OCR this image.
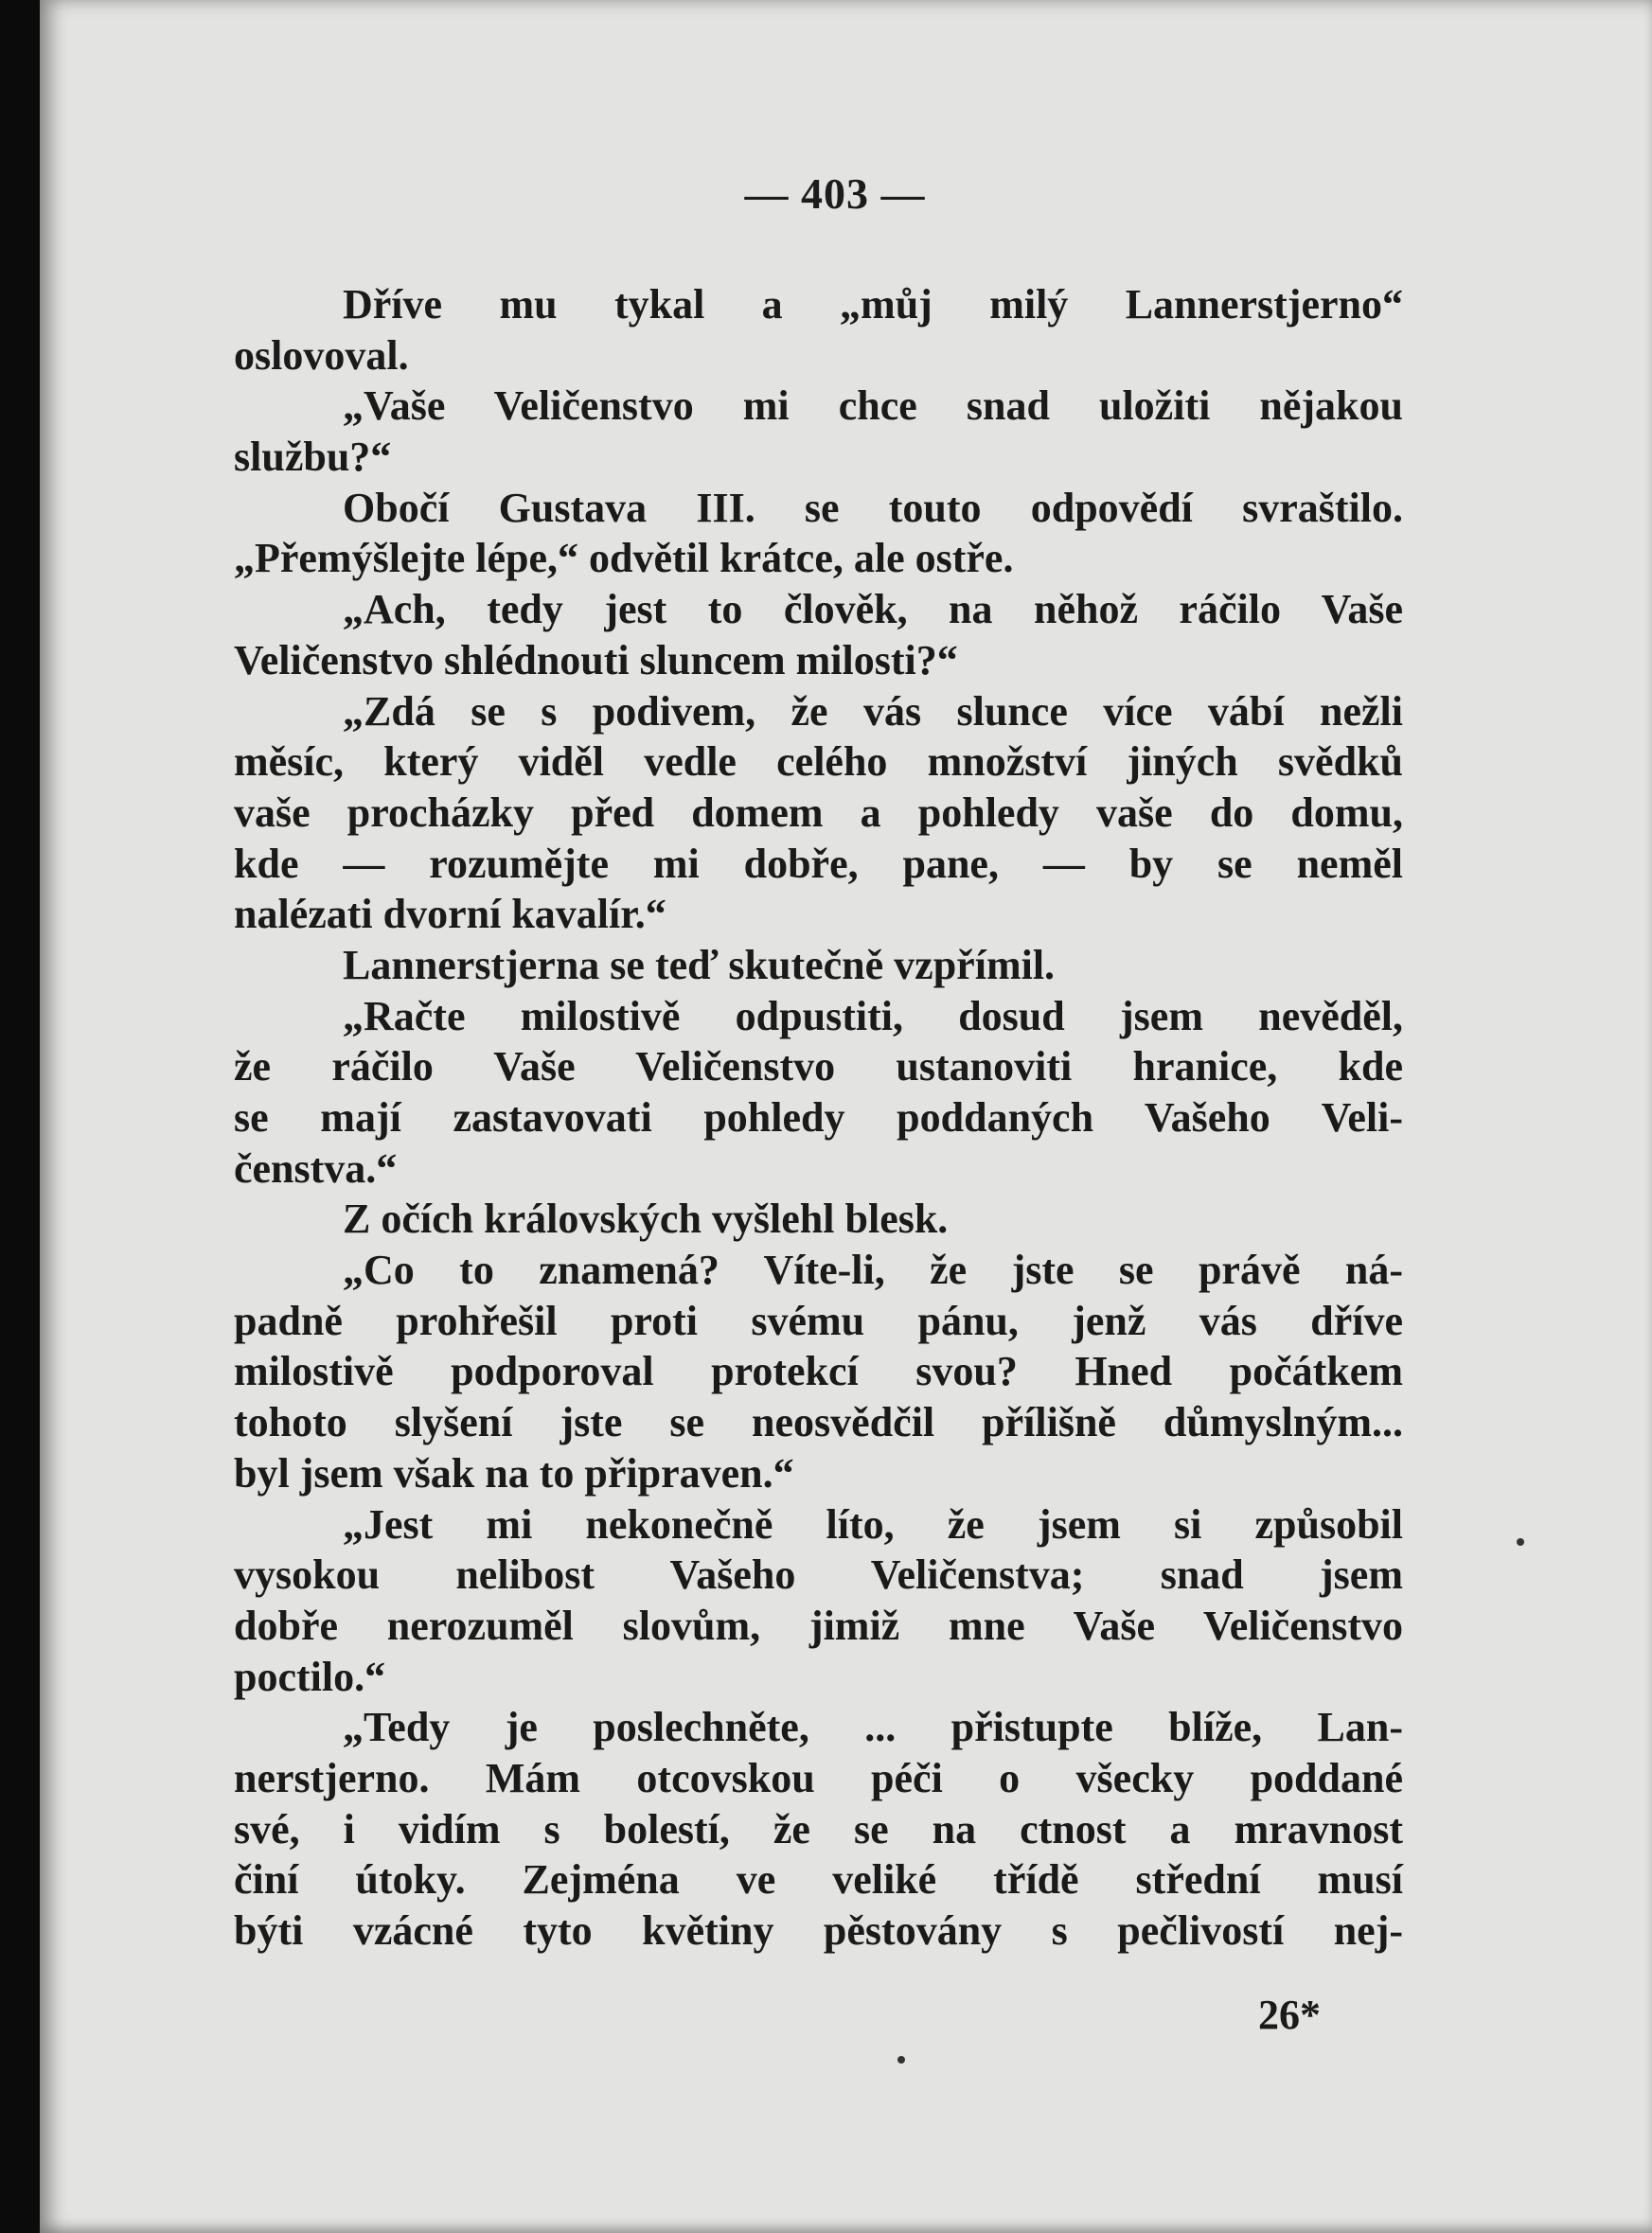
— 403 —
Dříve mu tykal a „můj milý Lannerstjerno“
oslovoval.
„Vaše Veličenstvo mi chce snad uložiti nějakou
službu?“
Obočí Gustava III. se touto odpovědí svraštilo.
„Přemýšlejte lépe,“ odvětil krátce, ale ostře.
„Ach, tedy jest to člověk, na něhož ráčilo Vaše
Veličenstvo shlédnouti sluncem milosti?“
„Zdá se s podivem, že vás slunce více vábí nežli
měsíc, který viděl vedle celého množství jiných svědků
vaše procházky před domem a pohledy vaše do domu,
kde — rozumějte mi dobře, pane, — by se neměl
nalézati dvorní kavalír.“
Lannerstjerna se teď skutečně vzpřímil.
„Račte milostivě odpustiti, dosud jsem nevěděl,
že ráčilo Vaše Veličenstvo ustanoviti hranice, kde
se mají zastavovati pohledy poddaných Vašeho Veli-
čenstva.“
Z očích královských vyšlehl blesk.
„Co to znamená? Víte-li, že jste se právě ná-
padně prohřešil proti svému pánu, jenž vás dříve
milostivě podporoval protekcí svou? Hned počátkem
tohoto slyšení jste se neosvědčil přílišně důmyslným...
byl jsem však na to připraven.“
„Jest mi nekonečně líto, že jsem si způsobil
vysokou nelibost Vašeho Veličenstva; snad jsem
dobře nerozuměl slovům, jimiž mne Vaše Veličenstvo
poctilo.“
„Tedy je poslechněte, ... přistupte blíže, Lan-
nerstjerno. Mám otcovskou péči o všecky poddané
své, i vidím s bolestí, že se na ctnost a mravnost
činí útoky. Zejména ve veliké třídě střední musí
býti vzácné tyto květiny pěstovány s pečlivostí nej-
26*
